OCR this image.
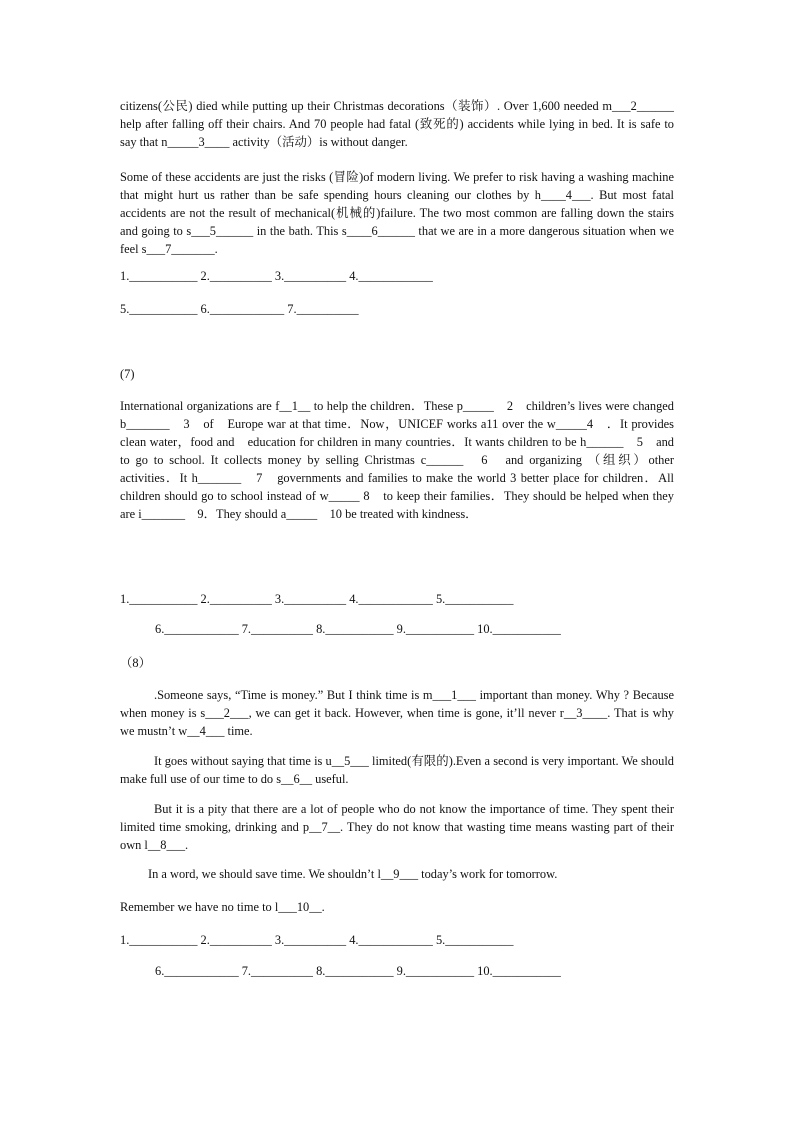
citizens(公民) died while putting up their Christmas decorations（装饰）. Over 1,600 needed m___2______ help after falling off their chairs. And 70 people had fatal (致死的) accidents while lying in bed. It is safe to say that n_____3____ activity（活动）is without danger.

Some of these accidents are just the risks (冒险)of modern living. We prefer to risk having a washing machine that might hurt us rather than be safe spending hours cleaning our clothes by h____4___. But most fatal accidents are not the result of mechanical(机械的)failure. The two most common are falling down the stairs and going to s___5______ in the bath. This s____6______ that we are in a more dangerous situation when we feel s___7_______.

1.___________ 2.__________ 3.__________ 4.____________

5.___________ 6.____________ 7.__________

(7)

International organizations are f__1__ to help the children．These p_____　2　children’s lives were changed b_______　3　of　Europe war at that time．Now，UNICEF works a11 over the w_____4　．It provides clean water，food and　education for children in many countries．It wants children to be h______　5　and to go to school. It collects money by selling Christmas c______　6　and organizing （组织）other activities．It h_______　7　governments and families to make the world 3 better place for children．All children should go to school instead of w_____ 8　to keep their families．They should be helped when they are i_______　9．They should a_____　10 be treated with kindness．

1.___________ 2.__________ 3.__________ 4.____________ 5.___________

6.____________ 7.__________ 8.___________ 9.___________ 10.___________

（8）

.Someone says, “Time is money.” But I think time is m___1___ important than money. Why ? Because when money is s___2___, we can get it back. However, when time is gone, it’ll never r__3____. That is why we mustn’t w__4___ time.

It goes without saying that time is u__5___ limited(有限的).Even a second is very important. We should make full use of our time to do s__6__ useful.

But it is a pity that there are a lot of people who do not know the importance of time. They spent their limited time smoking, drinking and p__7__. They do not know that wasting time means wasting part of their own l__8___.

In a word, we should save time. We shouldn’t l__9___ today’s work for tomorrow.

Remember we have no time to l___10__.

1.___________ 2.__________ 3.__________ 4.____________ 5.___________

6.____________ 7.__________ 8.___________ 9.___________ 10.___________
